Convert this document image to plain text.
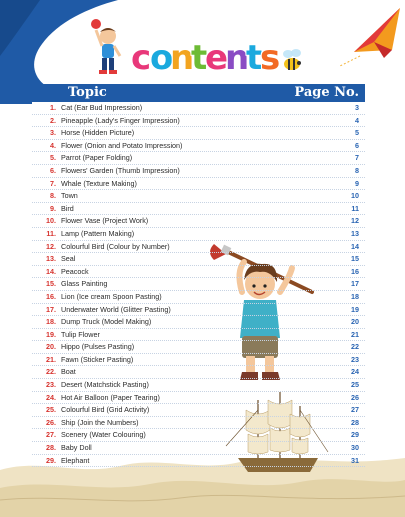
c
o
n
t
e
n
t
s
Topic	Page No.
1. Cat (Ear Bud Impression)	3
2. Pineapple (Lady's Finger Impression)	4
3. Horse (Hidden Picture)	5
4. Flower (Onion and Potato Impression)	6
5. Parrot (Paper Folding)	7
6. Flowers' Garden (Thumb Impression)	8
7. Whale (Texture Making)	9
8. Town	10
9. Bird	11
10. Flower Vase (Project Work)	12
11. Lamp (Pattern Making)	13
12. Colourful Bird (Colour by Number)	14
13. Seal	15
14. Peacock	16
15. Glass Painting	17
16. Lion (Ice cream Spoon Pasting)	18
17. Underwater World (Glitter Pasting)	19
18. Dump Truck (Model Making)	20
19. Tulip Flower	21
20. Hippo (Pulses Pasting)	22
21. Fawn (Sticker Pasting)	23
22. Boat	24
23. Desert (Matchstick Pasting)	25
24. Hot Air Balloon (Paper Tearing)	26
25. Colourful Bird (Grid Activity)	27
26. Ship (Join the Numbers)	28
27. Scenery (Water Colouring)	29
28. Baby Doll	30
29. Elephant	31
